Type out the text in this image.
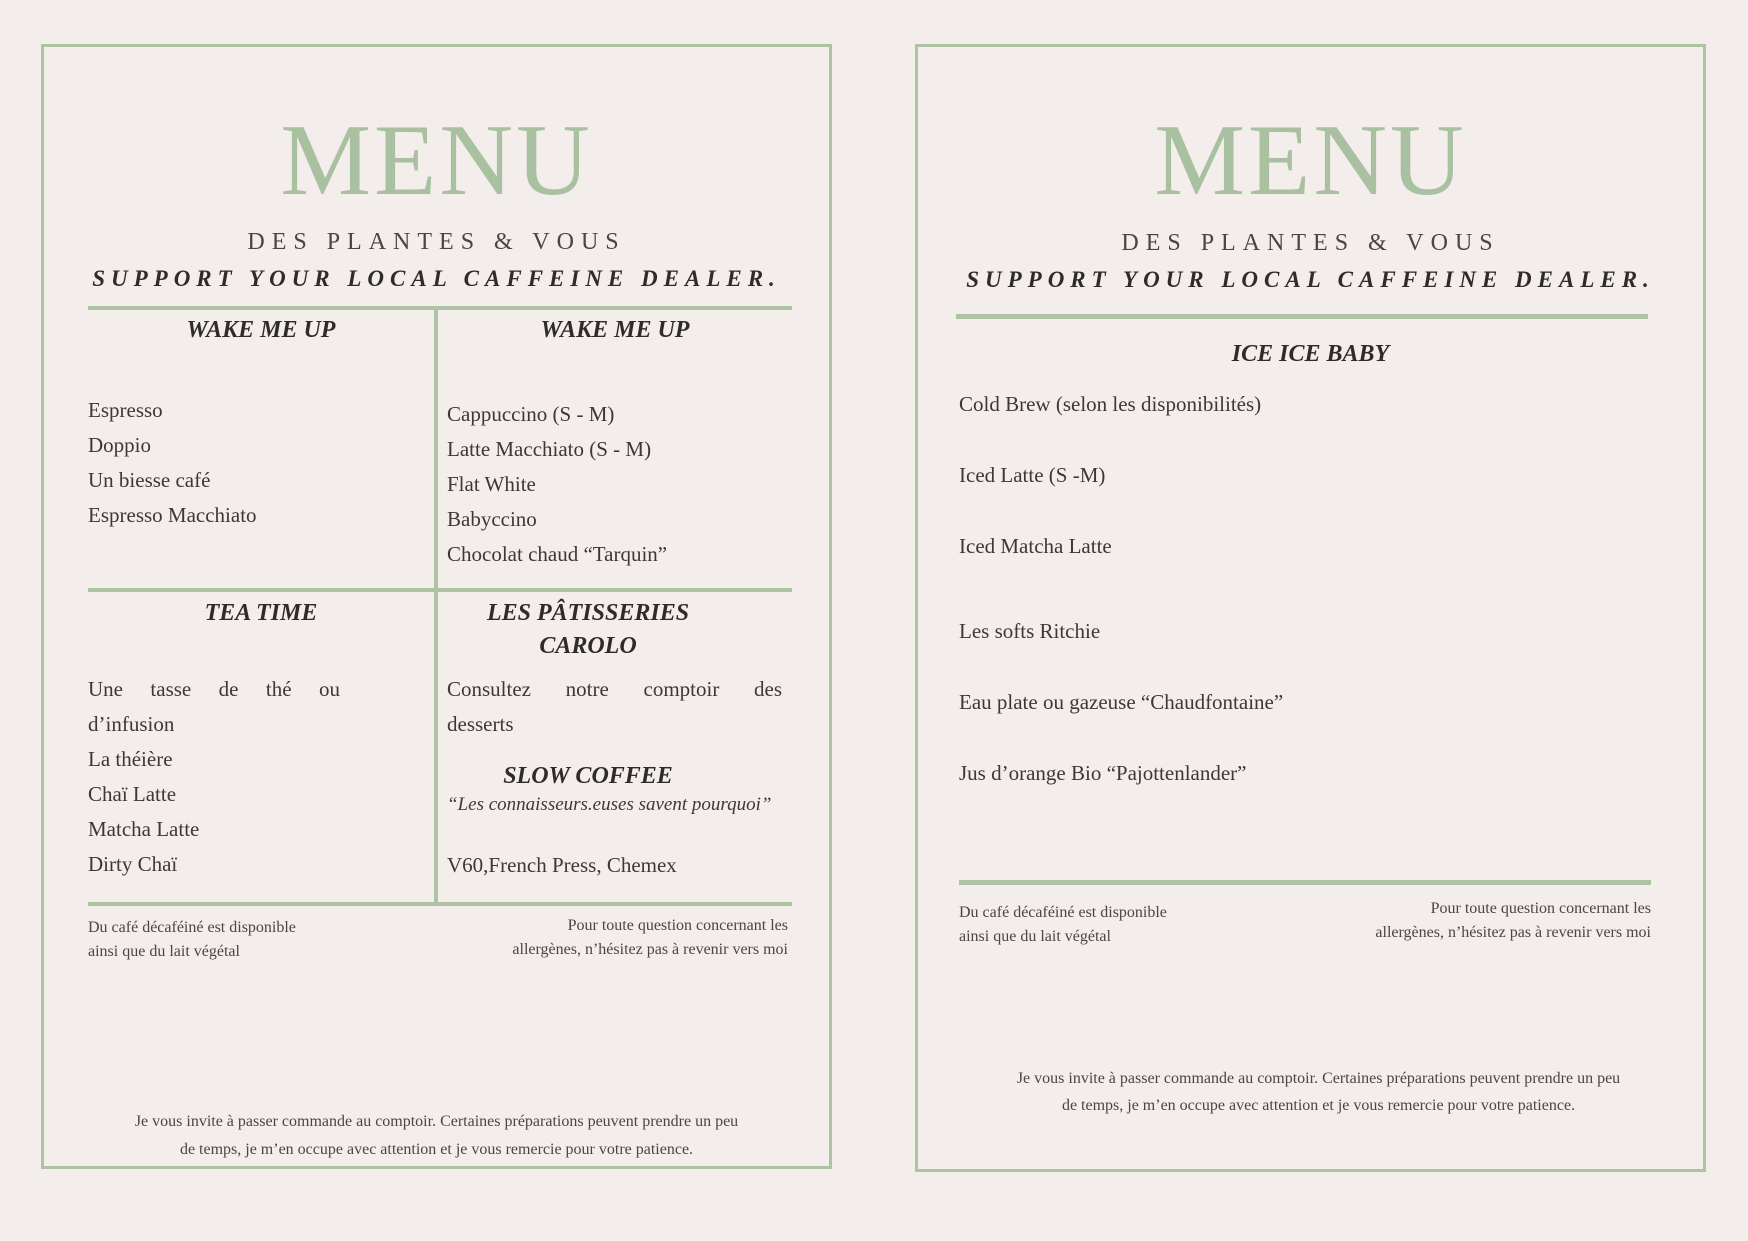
MENU
DES PLANTES & VOUS
SUPPORT YOUR LOCAL CAFFEINE DEALER.
WAKE ME UP
Espresso
Doppio
Un biesse café
Espresso Macchiato
WAKE ME UP
Cappuccino (S - M)
Latte Macchiato (S - M)
Flat White
Babyccino
Chocolat chaud “Tarquin”
TEA TIME
Une tasse de thé ou
d’infusion
La théière
Chaï Latte
Matcha Latte
Dirty Chaï
LES PÂTISSERIES
CAROLO
Consultez notre comptoir des
desserts
SLOW COFFEE
“Les connaisseurs.euses savent pourquoi”
V60,French Press, Chemex
Du café décaféiné est disponible
ainsi que du lait végétal
Pour toute question concernant les
allergènes, n’hésitez pas à revenir vers moi
Je vous invite à passer commande au comptoir. Certaines préparations peuvent prendre un peu
de temps, je m’en occupe avec attention et je vous remercie pour votre patience.
MENU
DES PLANTES & VOUS
SUPPORT YOUR LOCAL CAFFEINE DEALER.
ICE ICE BABY
Cold Brew (selon les disponibilités)
Iced Latte (S -M)
Iced Matcha Latte
Les softs Ritchie
Eau plate ou gazeuse “Chaudfontaine”
Jus d’orange Bio “Pajottenlander”
Du café décaféiné est disponible
ainsi que du lait végétal
Pour toute question concernant les
allergènes, n’hésitez pas à revenir vers moi
Je vous invite à passer commande au comptoir. Certaines préparations peuvent prendre un peu
de temps, je m’en occupe avec attention et je vous remercie pour votre patience.
